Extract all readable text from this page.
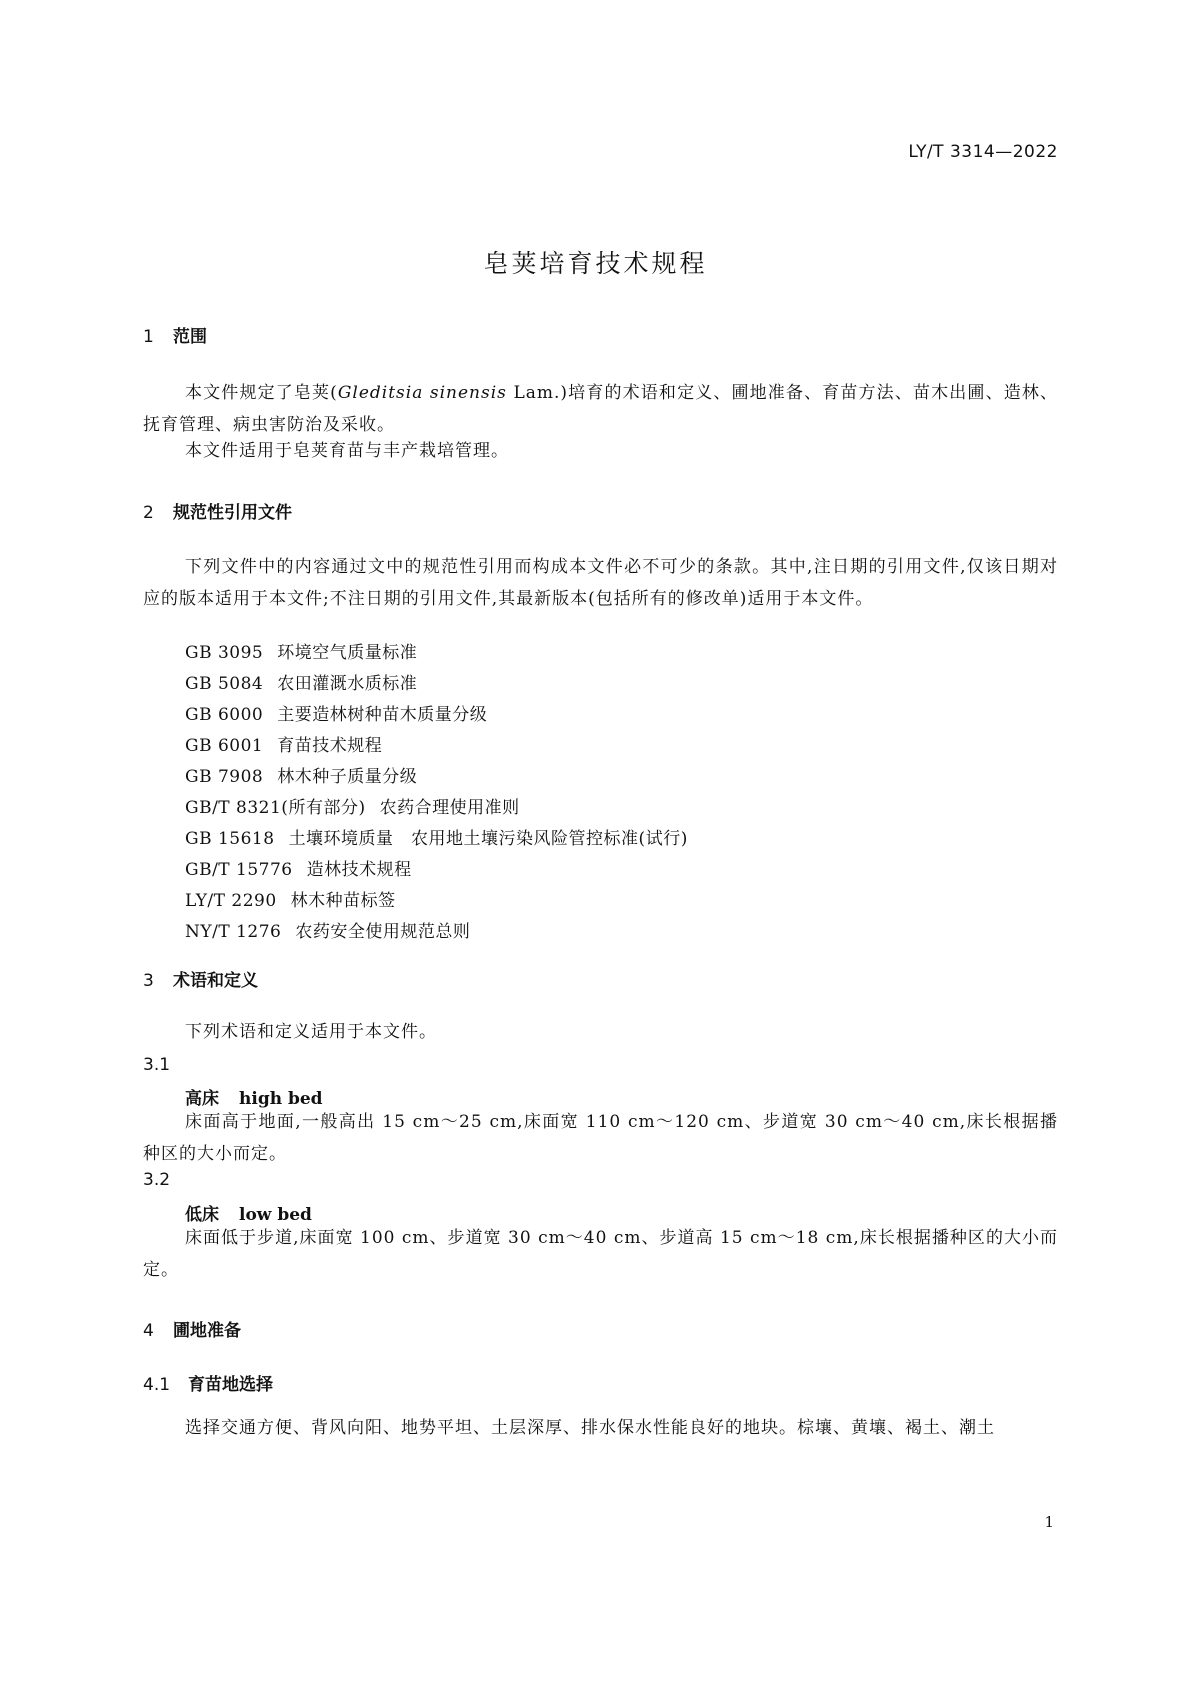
LY/T 3314—2022
皂荚培育技术规程
1 范围
本文件规定了皂荚(Gleditsia sinensis Lam.)培育的术语和定义、圃地准备、育苗方法、苗木出圃、造林、抚育管理、病虫害防治及采收。
本文件适用于皂荚育苗与丰产栽培管理。
2 规范性引用文件
下列文件中的内容通过文中的规范性引用而构成本文件必不可少的条款。其中,注日期的引用文件,仅该日期对应的版本适用于本文件;不注日期的引用文件,其最新版本(包括所有的修改单)适用于本文件。
GB 3095 环境空气质量标准
GB 5084 农田灌溉水质标准
GB 6000 主要造林树种苗木质量分级
GB 6001 育苗技术规程
GB 7908 林木种子质量分级
GB/T 8321(所有部分) 农药合理使用准则
GB 15618 土壤环境质量　农用地土壤污染风险管控标准(试行)
GB/T 15776 造林技术规程
LY/T 2290 林木种苗标签
NY/T 1276 农药安全使用规范总则
3 术语和定义
下列术语和定义适用于本文件。
3.1
高床 high bed
床面高于地面,一般高出 15 cm～25 cm,床面宽 110 cm～120 cm、步道宽 30 cm～40 cm,床长根据播种区的大小而定。
3.2
低床 low bed
床面低于步道,床面宽 100 cm、步道宽 30 cm～40 cm、步道高 15 cm～18 cm,床长根据播种区的大小而定。
4 圃地准备
4.1 育苗地选择
选择交通方便、背风向阳、地势平坦、土层深厚、排水保水性能良好的地块。棕壤、黄壤、褐土、潮土
1
